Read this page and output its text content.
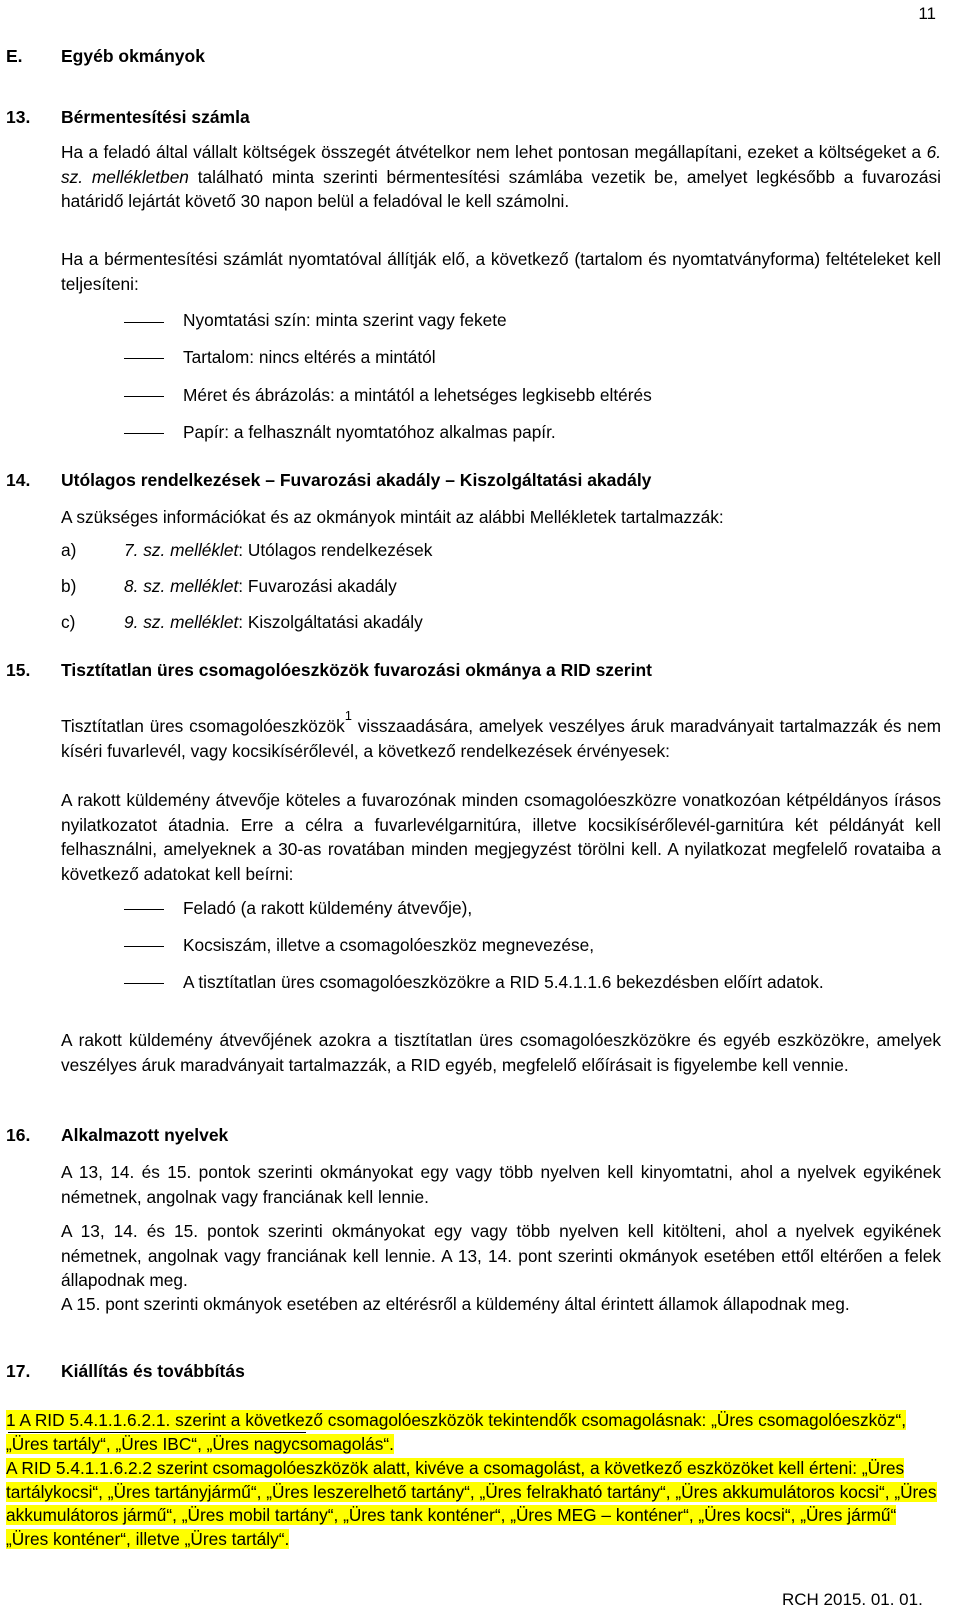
11
E. Egyéb okmányok
13. Bérmentesítési számla
Ha a feladó által vállalt költségek összegét átvételkor nem lehet pontosan megállapítani, ezeket a költségeket a 6. sz. mellékletben található minta szerinti bérmentesítési számlába vezetik be, amelyet legkésőbb a fuvarozási határidő lejártát követő 30 napon belül a feladóval le kell számolni.
Ha a bérmentesítési számlát nyomtatóval állítják elő, a következő (tartalom és nyomtatványforma) feltételeket kell teljesíteni:
Nyomtatási szín: minta szerint vagy fekete
Tartalom: nincs eltérés a mintától
Méret és ábrázolás: a mintától a lehetséges legkisebb eltérés
Papír: a felhasznált nyomtatóhoz alkalmas papír.
14. Utólagos rendelkezések – Fuvarozási akadály – Kiszolgáltatási akadály
A szükséges információkat és az okmányok mintáit az alábbi Mellékletek tartalmazzák:
a)	7. sz. melléklet: Utólagos rendelkezések
b)	8. sz. melléklet: Fuvarozási akadály
c)	9. sz. melléklet: Kiszolgáltatási akadály
15. Tisztítatlan üres csomagolóeszközök fuvarozási okmánya a RID szerint
Tisztítatlan üres csomagolóeszközök$^1$ visszaadására, amelyek veszélyes áruk maradványait tartalmazzák és nem kíséri fuvarlevél, vagy kocsikísérőlevél, a következő rendelkezések érvényesek:
A rakott küldemény átvevője köteles a fuvarozónak minden csomagolóeszközre vonatkozóan kétpéldányos írásos nyilatkozatot átadnia. Erre a célra a fuvarlevélgarnitúra, illetve kocsikísérőlevél-garnitúra két példányát kell felhasználni, amelyeknek a 30-as rovatában minden megjegyzést törölni kell. A nyilatkozat megfelelő rovataiba a következő adatokat kell beírni:
Feladó (a rakott küldemény átvevője),
Kocsiszám, illetve a csomagolóeszköz megnevezése,
A tisztítatlan üres csomagolóeszközökre a RID 5.4.1.1.6 bekezdésben előírt adatok.
A rakott küldemény átvevőjének azokra a tisztítatlan üres csomagolóeszközökre és egyéb eszközökre, amelyek veszélyes áruk maradványait tartalmazzák, a RID egyéb, megfelelő előírásait is figyelembe kell vennie.
16. Alkalmazott nyelvek
A 13, 14. és 15. pontok szerinti okmányokat egy vagy több nyelven kell kinyomtatni, ahol a nyelvek egyikének németnek, angolnak vagy franciának kell lennie.
A 13, 14. és 15. pontok szerinti okmányokat egy vagy több nyelven kell kitölteni, ahol a nyelvek egyikének németnek, angolnak vagy franciának kell lennie. A 13, 14. pont szerinti okmányok esetében ettől eltérően a felek állapodnak meg.
A 15. pont szerinti okmányok esetében az eltérésről a küldemény által érintett államok állapodnak meg.
17. Kiállítás és továbbítás
1 A RID 5.4.1.1.6.2.1. szerint a következő csomagolóeszközök tekintendők csomagolásnak: „Üres csomagolóeszköz“, „Üres tartály“, „Üres IBC“, „Üres nagycsomagolás“.
A RID 5.4.1.1.6.2.2 szerint csomagolóeszközök alatt, kivéve a csomagolást, a következő eszközöket kell érteni: „Üres tartálykocsi“, „Üres tartányjármű“, „Üres leszerelhető tartány“, „Üres felrakható tartány“, „Üres akkumulátoros kocsi“, „Üres akkumulátoros jármű“, „Üres mobil tartány“, „Üres tank konténer“, „Üres MEG – konténer“, „Üres kocsi“, „Üres jármű“ „Üres konténer“, illetve „Üres tartály“.
RCH 2015. 01. 01.
